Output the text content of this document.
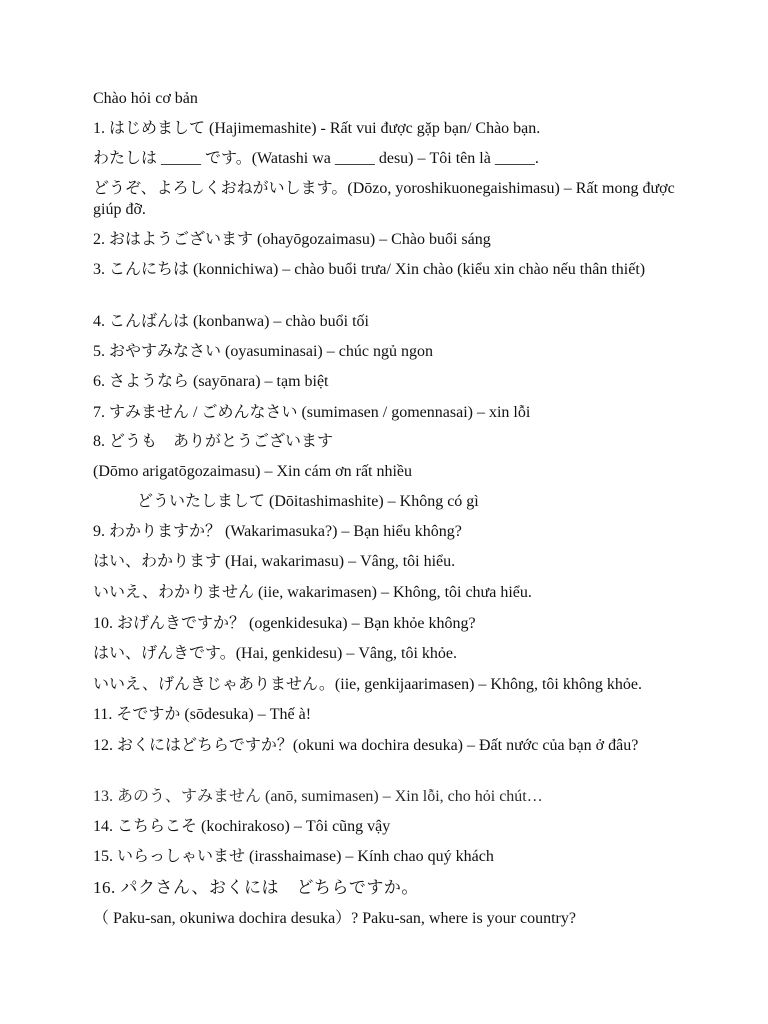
Chào hỏi cơ bản
1. はじめまして (Hajimemashite) - Rất vui được gặp bạn/ Chào bạn.
わたしは _____ です。(Watashi wa _____ desu) – Tôi tên là _____.
どうぞ、よろしくおねがいします。(Dōzo, yoroshikuonegaishimasu) – Rất mong được giúp đỡ.
2. おはようございます (ohayōgozaimasu) – Chào buổi sáng
3. こんにちは (konnichiwa) – chào buổi trưa/ Xin chào (kiểu xin chào nếu thân thiết)
4. こんばんは (konbanwa) – chào buổi tối
5. おやすみなさい (oyasuminasai) – chúc ngủ ngon
6. さようなら (sayōnara) – tạm biệt
7. すみません / ごめんなさい (sumimasen / gomennasai) – xin lỗi
8. どうも　ありがとうございます
(Dōmo arigatōgozaimasu) – Xin cám ơn rất nhiều
どういたしまして (Dōitashimashite) – Không có gì
9. わかりますか？ (Wakarimasuka?) – Bạn hiểu không?
はい、わかります (Hai, wakarimasu) – Vâng, tôi hiểu.
いいえ、わかりません (iie, wakarimasen) – Không, tôi chưa hiểu.
10. おげんきですか？ (ogenkidesuka) – Bạn khỏe không?
はい、げんきです。(Hai, genkidesu) – Vâng, tôi khỏe.
いいえ、げんきじゃありません。(iie, genkijaarimasen) – Không, tôi không khỏe.
11. そですか (sōdesuka) – Thế à!
12. おくにはどちらですか？(okuni wa dochira desuka) – Đất nước của bạn ở đâu?
13. あのう、すみません (anō, sumimasen) – Xin lỗi, cho hỏi chút…
14. こちらこそ (kochirakoso) – Tôi cũng vậy
15. いらっしゃいませ (irasshaimase) – Kính chao quý khách
16. パクさん、おくには　どちらですか。
（ Paku-san, okuniwa dochira desuka）? Paku-san, where is your country?
